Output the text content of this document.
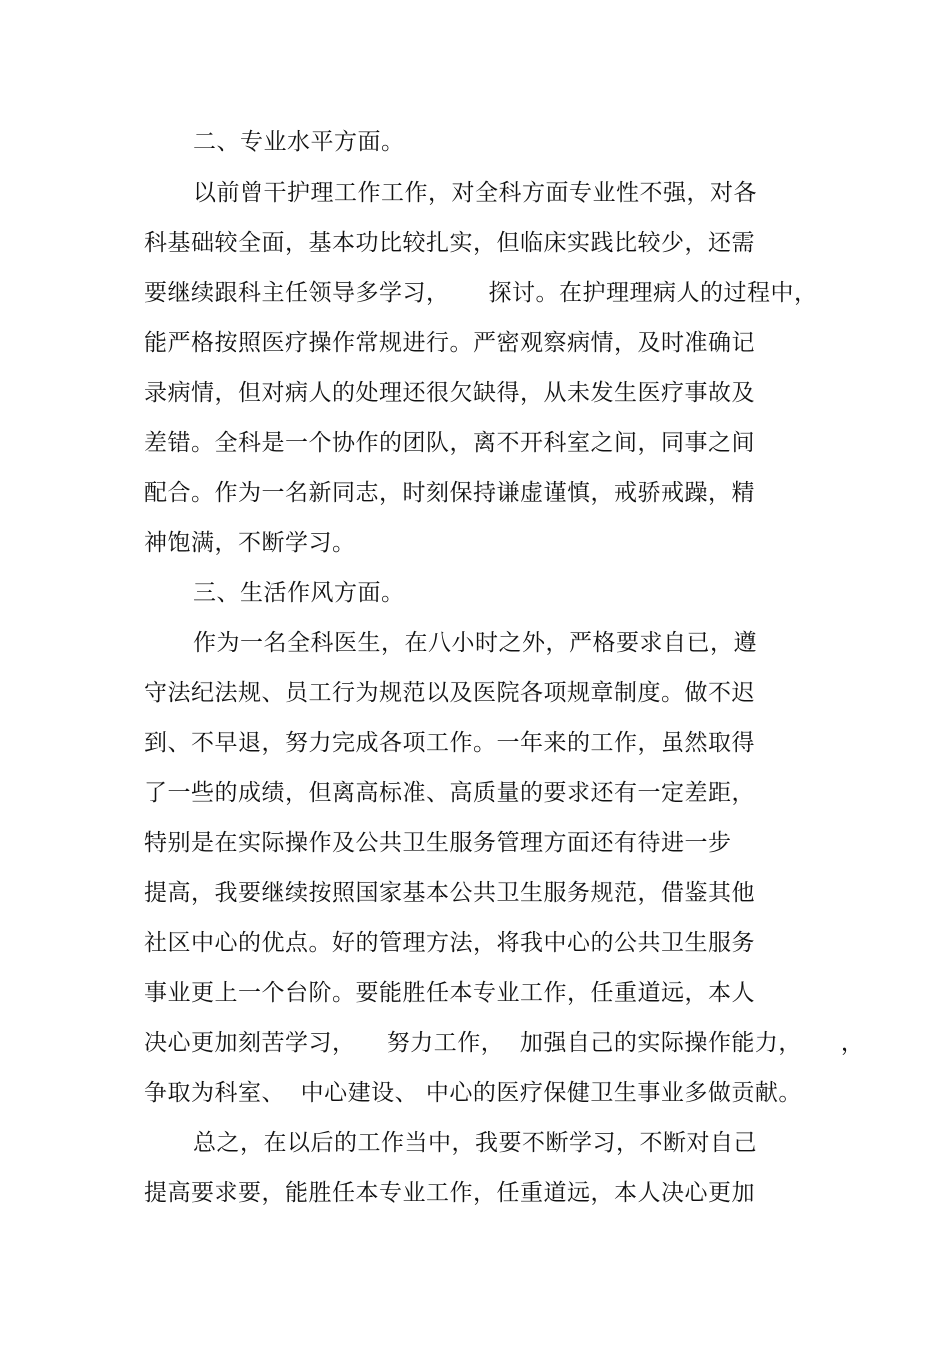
二、专业水平方面。
以前曾干护理工作工作，对全科方面专业性不强，对各
科基础较全面，基本功比较扎实，但临床实践比较少，还需
要继续跟科主任领导多学习，     探讨。在护理理病人的过程中，
能严格按照医疗操作常规进行。严密观察病情，及时准确记
录病情，但对病人的处理还很欠缺得，从未发生医疗事故及
差错。全科是一个协作的团队，离不开科室之间，同事之间
配合。作为一名新同志，时刻保持谦虚谨慎，戒骄戒躁，精
神饱满，不断学习。
三、生活作风方面。
作为一名全科医生，在八小时之外，严格要求自已，遵
守法纪法规、员工行为规范以及医院各项规章制度。做不迟
到、不早退，努力完成各项工作。一年来的工作，虽然取得
了一些的成绩，但离高标准、高质量的要求还有一定差距，
特别是在实际操作及公共卫生服务管理方面还有待进一步
提高，我要继续按照国家基本公共卫生服务规范，借鉴其他
社区中心的优点。好的管理方法，将我中心的公共卫生服务
事业更上一个台阶。要能胜任本专业工作，任重道远，本人
决心更加刻苦学习，    努力工作，  加强自己的实际操作能力，     ，
争取为科室、  中心建设、 中心的医疗保健卫生事业多做贡献。
总之，在以后的工作当中，我要不断学习，不断对自己
提高要求要，能胜任本专业工作，任重道远，本人决心更加
